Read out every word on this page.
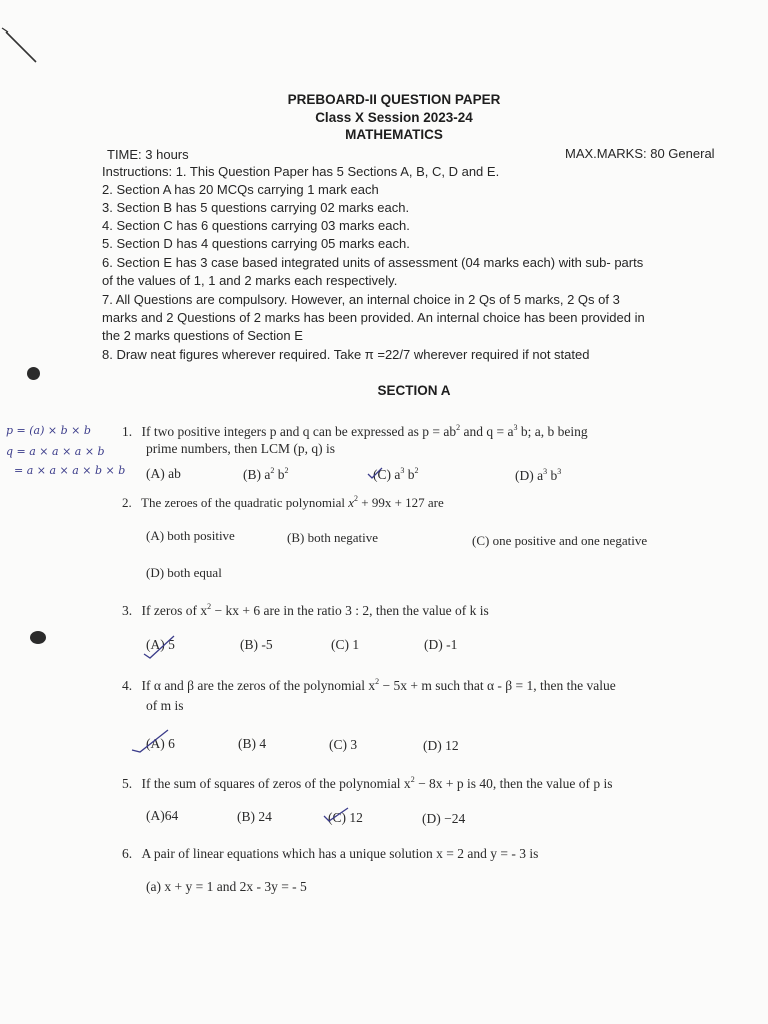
PREBOARD-II QUESTION PAPER
Class X Session 2023-24
MATHEMATICS
TIME: 3 hours	MAX.MARKS: 80 General
Instructions: 1. This Question Paper has 5 Sections A, B, C, D and E.
2. Section A has 20 MCQs carrying 1 mark each
3. Section B has 5 questions carrying 02 marks each.
4. Section C has 6 questions carrying 03 marks each.
5. Section D has 4 questions carrying 05 marks each.
6. Section E has 3 case based integrated units of assessment (04 marks each) with sub- parts
of the values of 1, 1 and 2 marks each respectively.
7. All Questions are compulsory. However, an internal choice in 2 Qs of 5 marks, 2 Qs of 3
marks and 2 Questions of 2 marks has been provided. An internal choice has been provided in
the 2 marks questions of Section E
8. Draw neat figures wherever required. Take π =22/7 wherever required if not stated
SECTION A
p = (a) × b × b
q = a × a × a × b
= a × a × a × b × b
1. If two positive integers p and q can be expressed as $p = ab^2$ and $q = a^3$ b; a, b being
prime numbers, then LCM (p, q) is
(A) ab	(B) $a^2$ $b^2$	(C) $a^3$ $b^2$	(D) $a^3$ $b^3$
2. The zeroes of the quadratic polynomial $x^2 + 99x + 127$ are
(A) both positive	(B) both negative	(C) one positive and one negative
(D) both equal
3. If zeros of $x^2$ − kx + 6 are in the ratio 3 : 2, then the value of k is
(A) 5	(B) -5	(C) 1	(D) -1
4. If α and β are the zeros of the polynomial $x^2 - 5x + m$ such that α - β = 1, then the value
of m is
(A) 6	(B) 4	(C) 3	(D) 12
5. If the sum of squares of zeros of the polynomial $x^2 - 8x + p$ is 40, then the value of p is
(A)64	(B) 24	(C) 12	(D) −24
6. A pair of linear equations which has a unique solution x = 2 and y = - 3 is
(a) x + y = 1 and 2x - 3y = - 5
